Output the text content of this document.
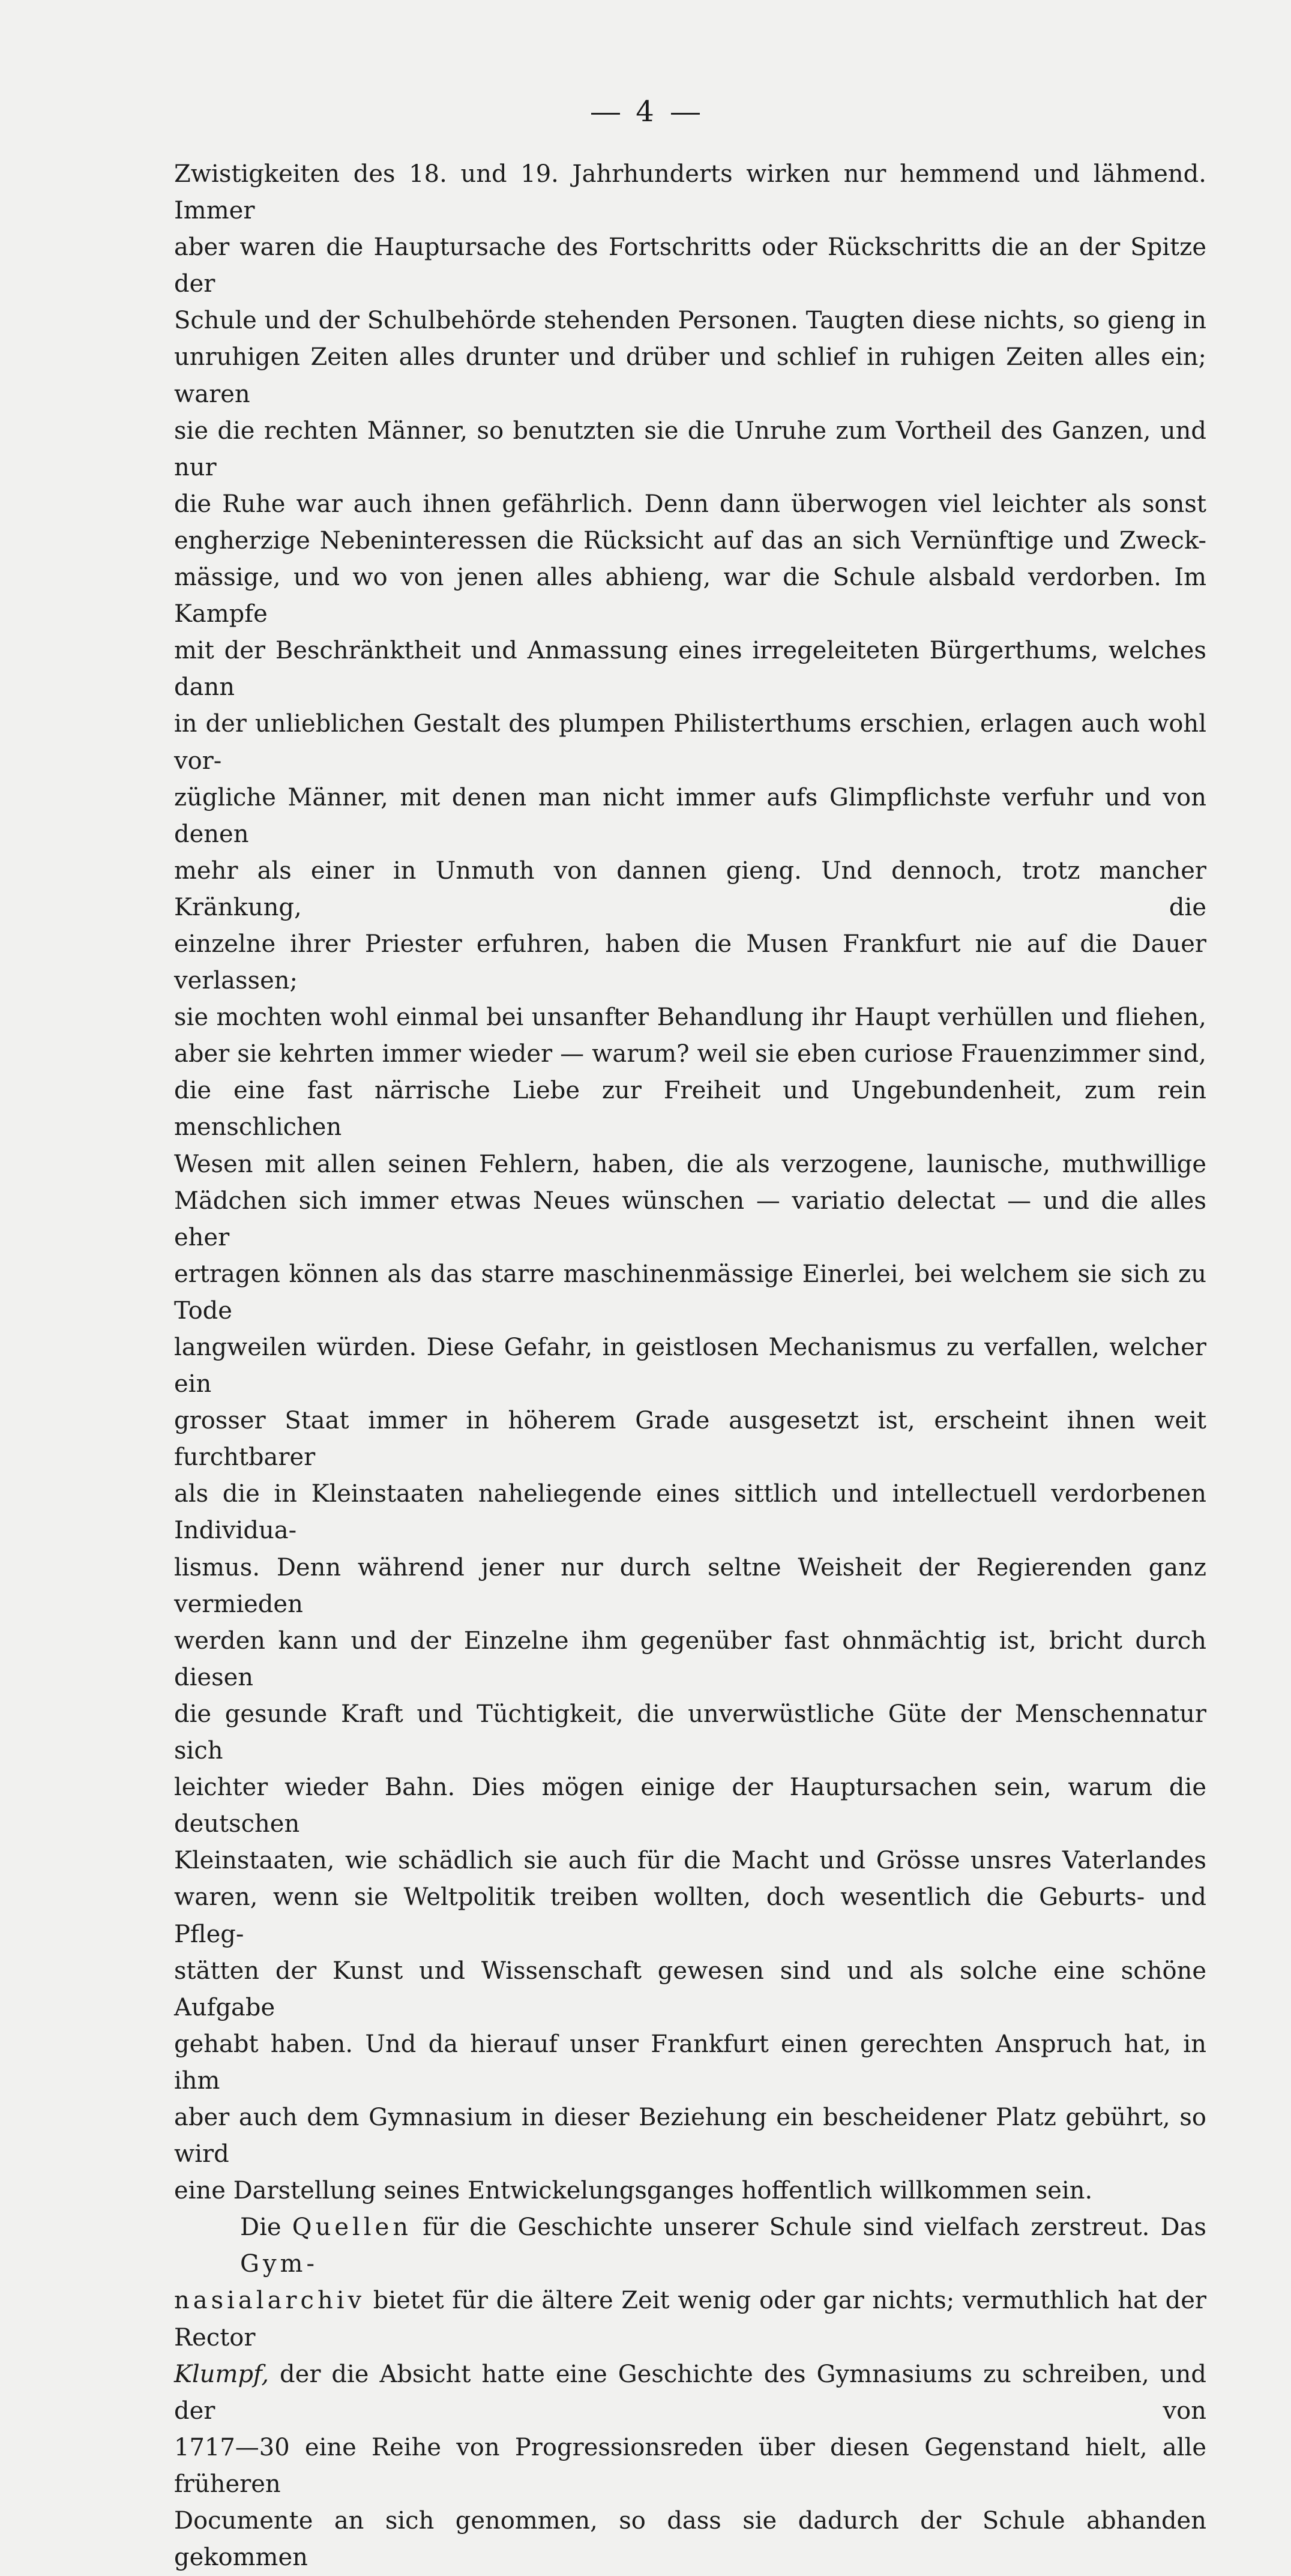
4

Zwistigkeiten des 18. und 19. Jahrhunderts wirken nur hemmend und lähmend. Immer

aber waren die Hauptursache des Fortschritts oder Rückschritts die an der Spitze der

Schule und der Schulbehörde stehenden Personen. Taugten diese nichts, so gieng in

unruhigen Zeiten alles drunter und drüber und schlief in ruhigen Zeiten alles ein; waren

sie die rechten Männer, so benutzten sie die Unruhe zum Vortheil des Ganzen, und nur

die Ruhe war auch ihnen gefährlich. Denn dann überwogen viel leichter als sonst

engherzige Nebeninteressen die Rücksicht auf das an sich Vernünftige und Zweck-

mässige, und wo von jenen alles abhieng, war die Schule alsbald verdorben. Im Kampfe

mit der Beschränktheit und Anmassung eines irregeleiteten Bürgerthums, welches dann

in der unlieblichen Gestalt des plumpen Philisterthums erschien, erlagen auch wohl vor-

zügliche Männer, mit denen man nicht immer aufs Glimpflichste verfuhr und von denen

mehr als einer in Unmuth von dannen gieng. Und dennoch, trotz mancher Kränkung, die

einzelne ihrer Priester erfuhren, haben die Musen Frankfurt nie auf die Dauer verlassen;

sie mochten wohl einmal bei unsanfter Behandlung ihr Haupt verhüllen und fliehen,

aber sie kehrten immer wieder — warum? weil sie eben curiose Frauenzimmer sind,

die eine fast närrische Liebe zur Freiheit und Ungebundenheit, zum rein menschlichen

Wesen mit allen seinen Fehlern, haben, die als verzogene, launische, muthwillige

Mädchen sich immer etwas Neues wünschen — variatio delectat — und die alles eher

ertragen können als das starre maschinenmässige Einerlei, bei welchem sie sich zu Tode

langweilen würden. Diese Gefahr, in geistlosen Mechanismus zu verfallen, welcher ein

grosser Staat immer in höherem Grade ausgesetzt ist, erscheint ihnen weit furchtbarer

als die in Kleinstaaten naheliegende eines sittlich und intellectuell verdorbenen Individua-

lismus. Denn während jener nur durch seltne Weisheit der Regierenden ganz vermieden

werden kann und der Einzelne ihm gegenüber fast ohnmächtig ist, bricht durch diesen

die gesunde Kraft und Tüchtigkeit, die unverwüstliche Güte der Menschennatur sich

leichter wieder Bahn. Dies mögen einige der Hauptursachen sein, warum die deutschen

Kleinstaaten, wie schädlich sie auch für die Macht und Grösse unsres Vaterlandes

waren, wenn sie Weltpolitik treiben wollten, doch wesentlich die Geburts- und Pfleg-

stätten der Kunst und Wissenschaft gewesen sind und als solche eine schöne Aufgabe

gehabt haben. Und da hierauf unser Frankfurt einen gerechten Anspruch hat, in ihm

aber auch dem Gymnasium in dieser Beziehung ein bescheidener Platz gebührt, so wird

eine Darstellung seines Entwickelungsganges hoffentlich willkommen sein.

Die Quellen für die Geschichte unserer Schule sind vielfach zerstreut. Das Gym-

nasialarchiv bietet für die ältere Zeit wenig oder gar nichts; vermuthlich hat der Rector

Klumpf, der die Absicht hatte eine Geschichte des Gymnasiums zu schreiben, und der von

1717—30 eine Reihe von Progressionsreden über diesen Gegenstand hielt, alle früheren

Documente an sich genommen, so dass sie dadurch der Schule abhanden gekommen
